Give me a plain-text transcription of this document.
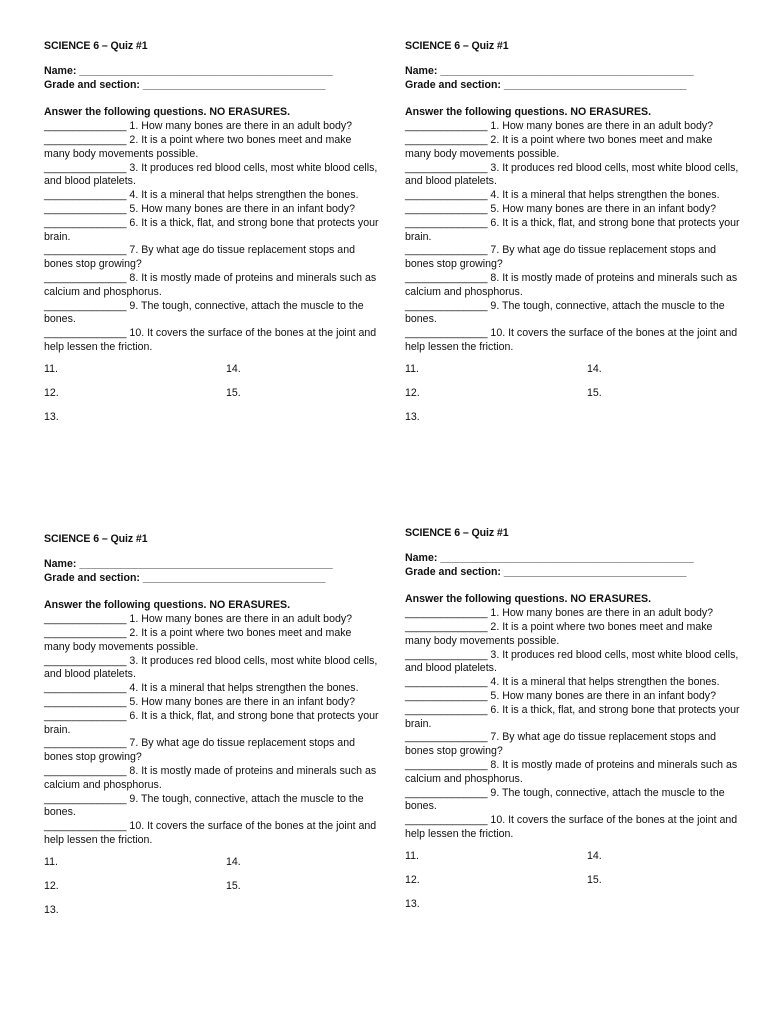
SCIENCE 6 – Quiz #1
Name: ___________________________________________
Grade and section: _______________________________
Answer the following questions. NO ERASURES.

______________ 1. How many bones are there in an adult body?

______________ 2. It is a point where two bones meet and make many body movements possible.

______________ 3. It produces red blood cells, most white blood cells, and blood platelets.

______________ 4. It is a mineral that helps strengthen the bones.

______________ 5. How many bones are there in an infant body?

______________ 6. It is a thick, flat, and strong bone that protects your brain.

______________ 7. By what age do tissue replacement stops and bones stop growing?

______________ 8. It is mostly made of proteins and minerals such as calcium and phosphorus.

______________ 9. The tough, connective, attach the muscle to the bones.

______________ 10. It covers the surface of the bones at the joint and help lessen the friction.

11.
12.
13.
14.
15.
SCIENCE 6 – Quiz #1
Name: ___________________________________________
Grade and section: _______________________________
Answer the following questions. NO ERASURES.

______________ 1. How many bones are there in an adult body?

______________ 2. It is a point where two bones meet and make many body movements possible.

______________ 3. It produces red blood cells, most white blood cells, and blood platelets.

______________ 4. It is a mineral that helps strengthen the bones.

______________ 5. How many bones are there in an infant body?

______________ 6. It is a thick, flat, and strong bone that protects your brain.

______________ 7. By what age do tissue replacement stops and bones stop growing?

______________ 8. It is mostly made of proteins and minerals such as calcium and phosphorus.

______________ 9. The tough, connective, attach the muscle to the bones.

______________ 10. It covers the surface of the bones at the joint and help lessen the friction.

11.
12.
13.
14.
15.
SCIENCE 6 – Quiz #1
Name: ___________________________________________
Grade and section: _______________________________
Answer the following questions. NO ERASURES.

______________ 1. How many bones are there in an adult body?

______________ 2. It is a point where two bones meet and make many body movements possible.

______________ 3. It produces red blood cells, most white blood cells, and blood platelets.

______________ 4. It is a mineral that helps strengthen the bones.

______________ 5. How many bones are there in an infant body?

______________ 6. It is a thick, flat, and strong bone that protects your brain.

______________ 7. By what age do tissue replacement stops and bones stop growing?

______________ 8. It is mostly made of proteins and minerals such as calcium and phosphorus.

______________ 9. The tough, connective, attach the muscle to the bones.

______________ 10. It covers the surface of the bones at the joint and help lessen the friction.

11.
12.
13.
14.
15.
SCIENCE 6 – Quiz #1
Name: ___________________________________________
Grade and section: _______________________________
Answer the following questions. NO ERASURES.

______________ 1. How many bones are there in an adult body?

______________ 2. It is a point where two bones meet and make many body movements possible.

______________ 3. It produces red blood cells, most white blood cells, and blood platelets.

______________ 4. It is a mineral that helps strengthen the bones.

______________ 5. How many bones are there in an infant body?

______________ 6. It is a thick, flat, and strong bone that protects your brain.

______________ 7. By what age do tissue replacement stops and bones stop growing?

______________ 8. It is mostly made of proteins and minerals such as calcium and phosphorus.

______________ 9. The tough, connective, attach the muscle to the bones.

______________ 10. It covers the surface of the bones at the joint and help lessen the friction.

11.
12.
13.
14.
15.
